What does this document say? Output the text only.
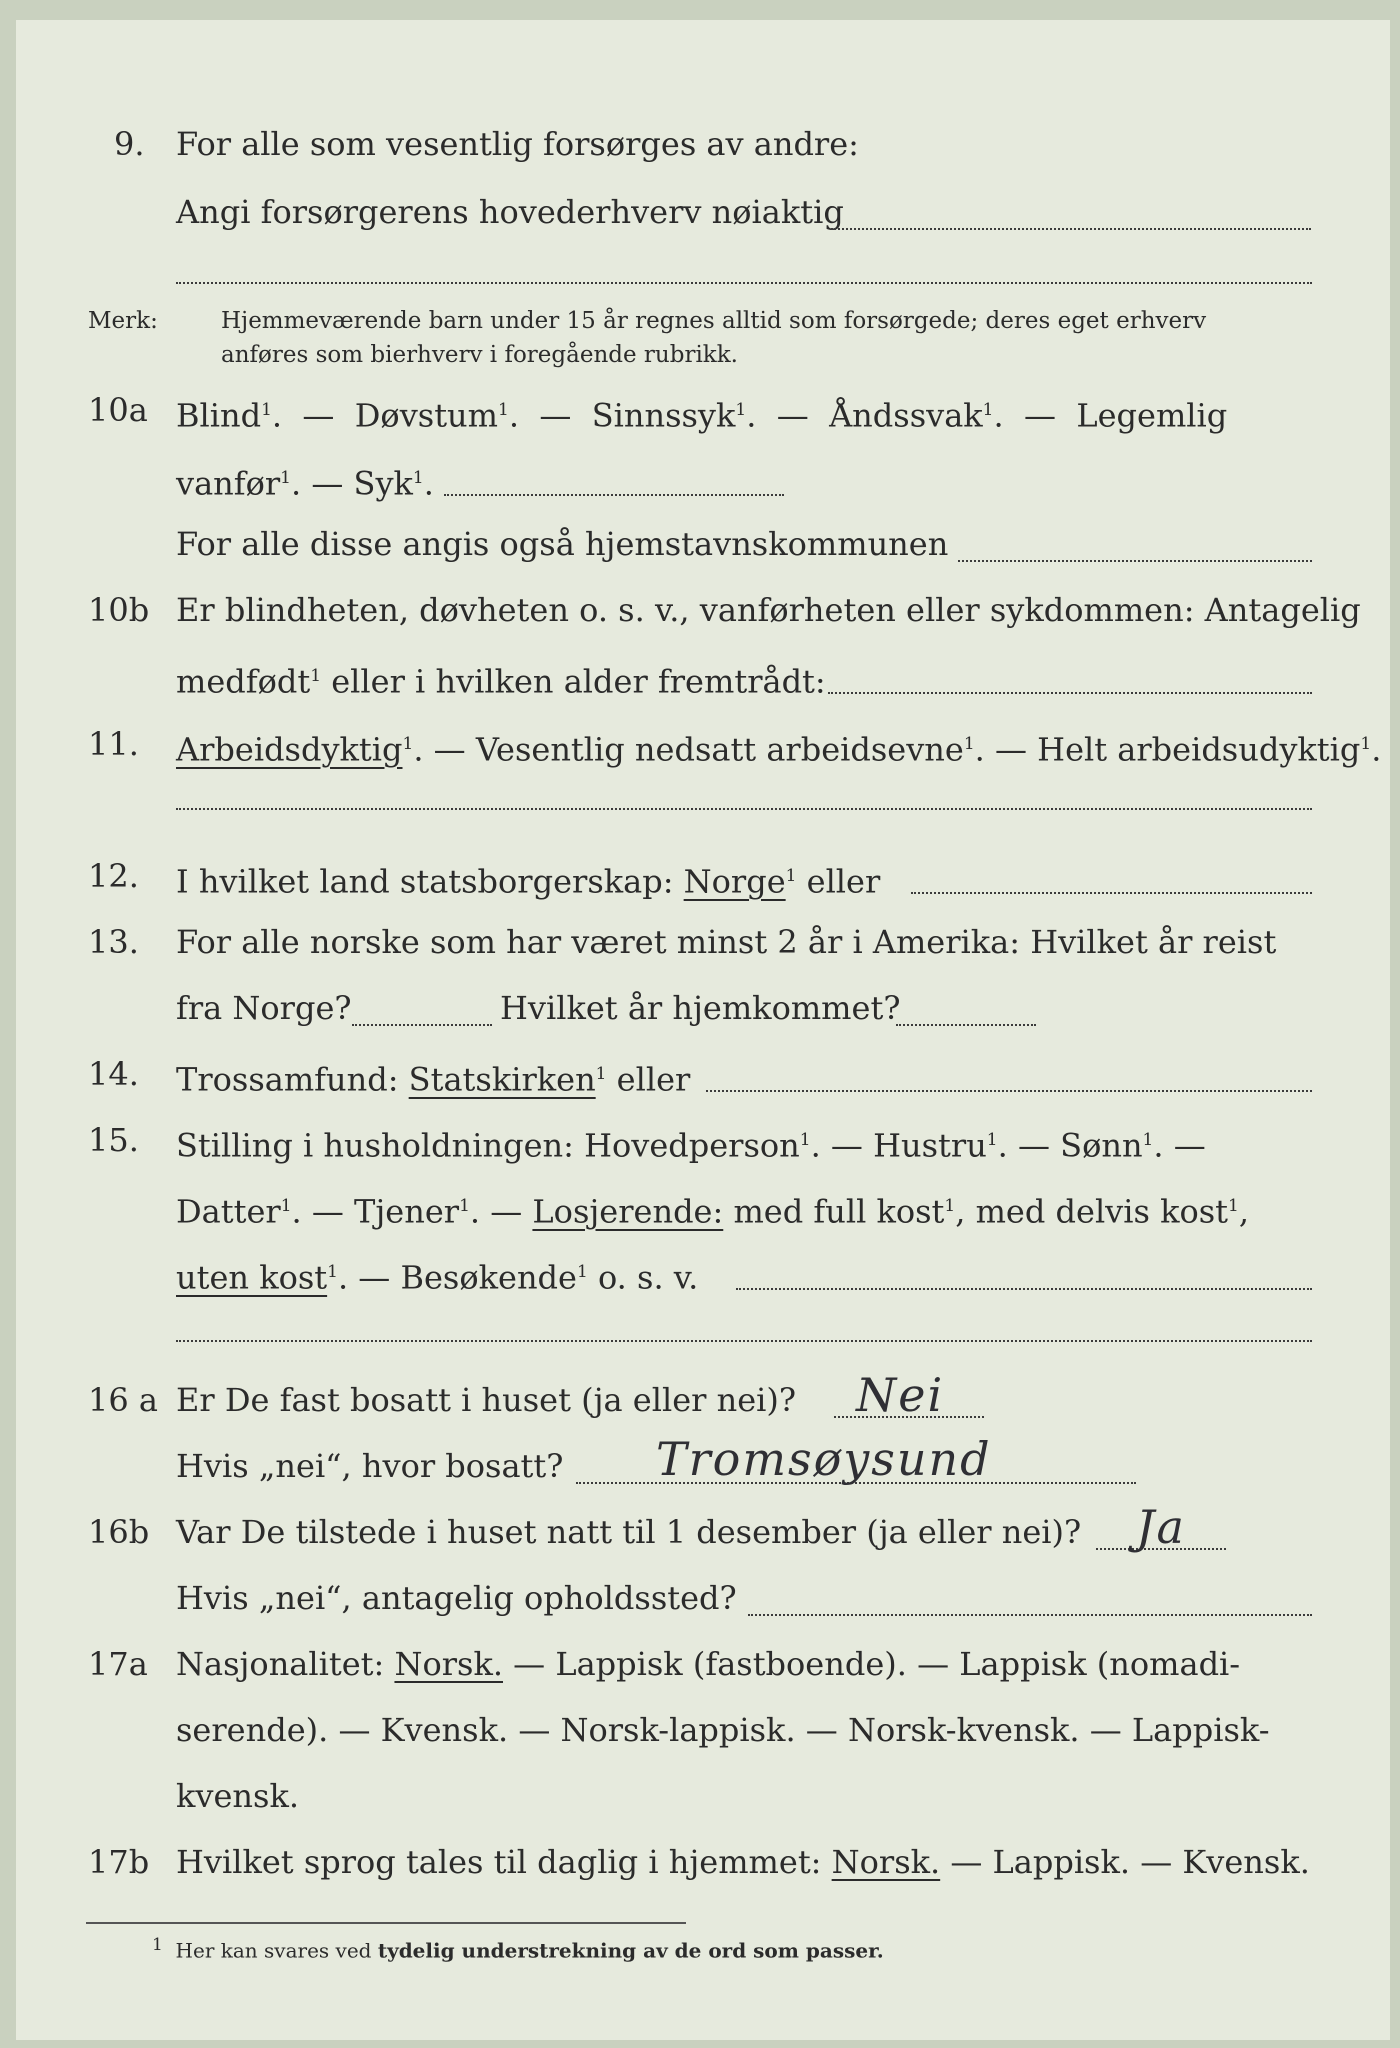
9. For alle som vesentlig forsørges av andre:
Angi forsørgerens hovederhverv nøiaktig
Merk:	Hjemmeværende barn under 15 år regnes alltid som forsørgede; deres eget erhverv
anføres som bierhverv i foregående rubrikk.
10a Blind$^1$.  — Døvstum$^1$.  — Sinnssyk$^1$.  — Åndssvak$^1$.  — Legemlig
vanfør$^1$. — Syk$^1$.
For alle disse angis også hjemstavnskommunen
10b Er blindheten, døvheten o. s. v., vanførheten eller sykdommen: Antagelig
medfødt$^1$ eller i hvilken alder fremtrådt:
11. Arbeidsdyktig$^1$. — Vesentlig nedsatt arbeidsevne$^1$. — Helt arbeidsudyktig$^1$.
12. I hvilket land statsborgerskap: Norge$^1$ eller
13. For alle norske som har været minst 2 år i Amerika: Hvilket år reist
fra Norge?	Hvilket år hjemkommet?
14. Trossamfund: Statskirken$^1$ eller
15. Stilling i husholdningen: Hovedperson$^1$. — Hustru$^1$. — Sønn$^1$. —
Datter$^1$. — Tjener$^1$. — Losjerende: med full kost$^1$, med delvis kost$^1$,
uten kost$^1$. — Besøkende$^1$ o. s. v.
16 a Er De fast bosatt i huset (ja eller nei)? Nei
Hvis „nei“, hvor bosatt? Tromsøysund
16b Var De tilstede i huset natt til 1 desember (ja eller nei)? Ja
Hvis „nei“, antagelig opholdssted?
17a Nasjonalitet: Norsk. — Lappisk (fastboende). — Lappisk (nomadi-
serende). — Kvensk. — Norsk-lappisk. — Norsk-kvensk. — Lappisk-
kvensk.
17b Hvilket sprog tales til daglig i hjemmet: Norsk. — Lappisk. — Kvensk.
$^1$ Her kan svares ved tydelig understrekning av de ord som passer.
